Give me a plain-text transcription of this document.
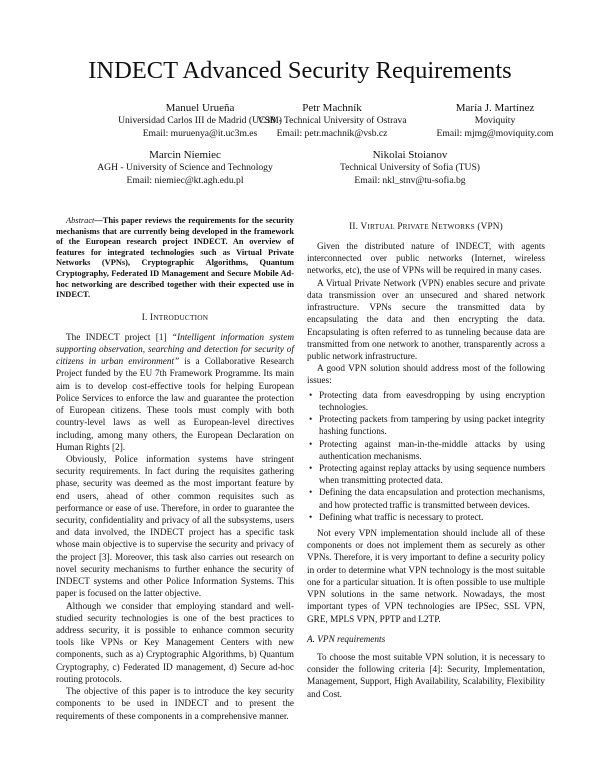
INDECT Advanced Security Requirements
Manuel Urueña
Universidad Carlos III de Madrid (UC3M)
Email: muruenya@it.uc3m.es
Petr Machník
VSB - Technical University of Ostrava
Email: petr.machnik@vsb.cz
María J. Martínez
Moviquity
Email: mjmg@moviquity.com
Marcin Niemiec
AGH - University of Science and Technology
Email: niemiec@kt.agh.edu.pl
Nikolai Stoianov
Technical University of Sofia (TUS)
Email: nkl_stnv@tu-sofia.bg

Abstract—This paper reviews the requirements for the security mechanisms that are currently being developed in the framework of the European research project INDECT. An overview of features for integrated technologies such as Virtual Private Networks (VPNs), Cryptographic Algorithms, Quantum Cryptography, Federated ID Management and Secure Mobile Ad-hoc networking are described together with their expected use in INDECT.

I. INTRODUCTION

The INDECT project [1] “Intelligent information system supporting observation, searching and detection for security of citizens in urban environment” is a Collaborative Research Project funded by the EU 7th Framework Programme. Its main aim is to develop cost-effective tools for helping European Police Services to enforce the law and guarantee the protection of European citizens. These tools must comply with both country-level laws as well as European-level directives including, among many others, the European Declaration on Human Rights [2].

Obviously, Police information systems have stringent security requirements. In fact during the requisites gathering phase, security was deemed as the most important feature by end users, ahead of other common requisites such as performance or ease of use. Therefore, in order to guarantee the security, confidentiality and privacy of all the subsystems, users and data involved, the INDECT project has a specific task whose main objective is to supervise the security and privacy of the project [3]. Moreover, this task also carries out research on novel security mechanisms to further enhance the security of INDECT systems and other Police Information Systems. This paper is focused on the latter objective.

Although we consider that employing standard and well-studied security technologies is one of the best practices to address security, it is possible to enhance common security tools like VPNs or Key Management Centers with new components, such as a) Cryptographic Algorithms, b) Quantum Cryptography, c) Federated ID management, d) Secure ad-hoc routing protocols.

The objective of this paper is to introduce the key security components to be used in INDECT and to present the requirements of these components in a comprehensive manner.

II. VIRTUAL PRIVATE NETWORKS (VPN)

Given the distributed nature of INDECT, with agents interconnected over public networks (Internet, wireless networks, etc), the use of VPNs will be required in many cases.

A Virtual Private Network (VPN) enables secure and private data transmission over an unsecured and shared network infrastructure. VPNs secure the transmitted data by encapsulating the data and then encrypting the data. Encapsulating is often referred to as tunneling because data are transmitted from one network to another, transparently across a public network infrastructure.

A good VPN solution should address most of the following issues:

• Protecting data from eavesdropping by using encryption technologies.
• Protecting packets from tampering by using packet integrity hashing functions.
• Protecting against man-in-the-middle attacks by using authentication mechanisms.
• Protecting against replay attacks by using sequence numbers when transmitting protected data.
• Defining the data encapsulation and protection mechanisms, and how protected traffic is transmitted between devices.
• Defining what traffic is necessary to protect.

Not every VPN implementation should include all of these components or does not implement them as securely as other VPNs. Therefore, it is very important to define a security policy in order to determine what VPN technology is the most suitable one for a particular situation. It is often possible to use multiple VPN solutions in the same network. Nowadays, the most important types of VPN technologies are IPSec, SSL VPN, GRE, MPLS VPN, PPTP and L2TP.

A. VPN requirements

To choose the most suitable VPN solution, it is necessary to consider the following criteria [4]: Security, Implementation, Management, Support, High Availability, Scalability, Flexibility and Cost.
